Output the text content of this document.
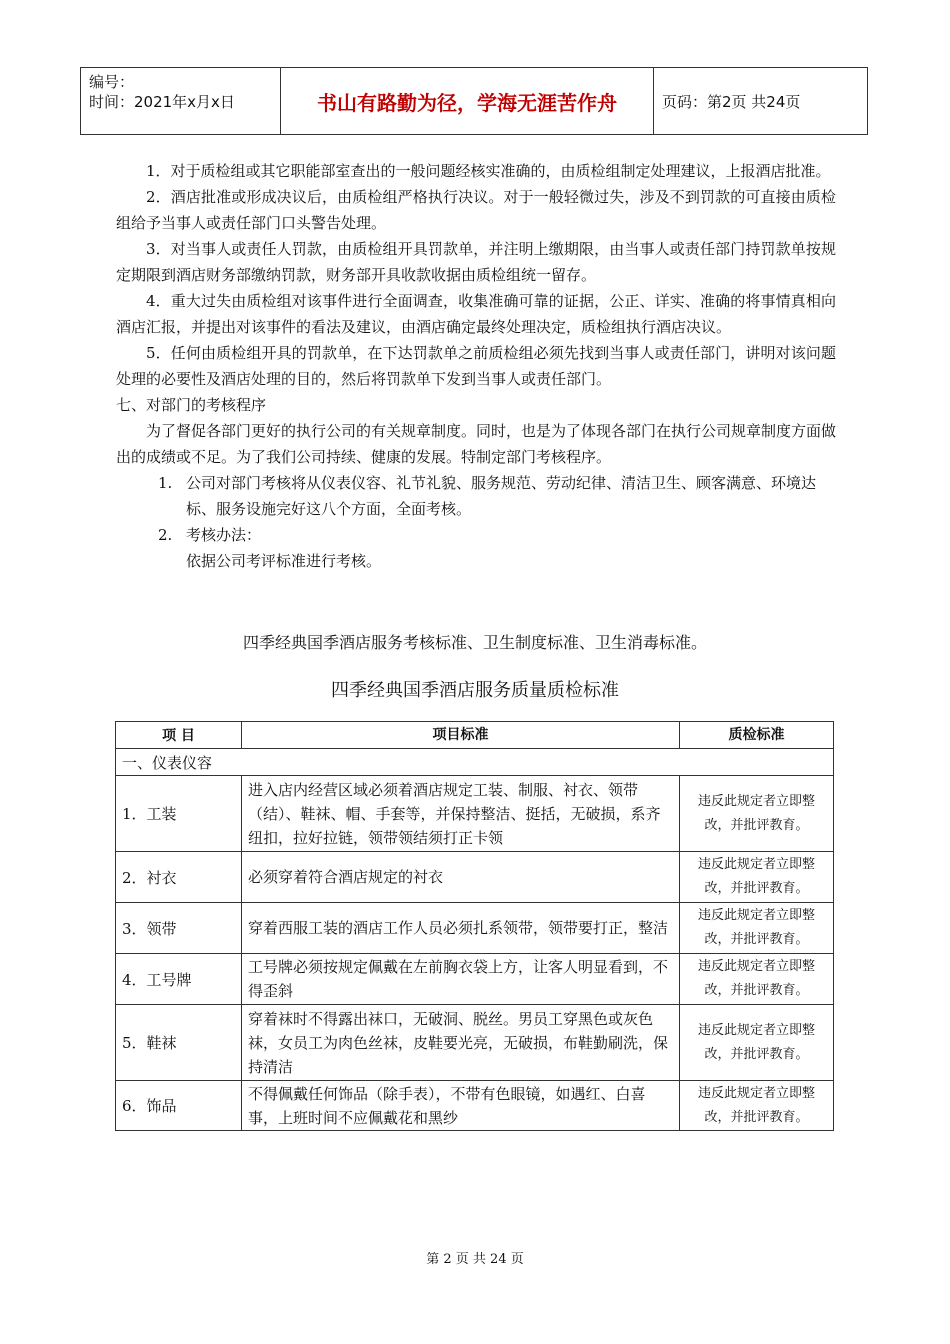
编号：
时间：2021年x月x日	书山有路勤为径，学海无涯苦作舟	页码：第2页 共24页

1．对于质检组或其它职能部室查出的一般问题经核实准确的，由质检组制定处理建议，上报酒店批准。

2．酒店批准或形成决议后，由质检组严格执行决议。对于一般轻微过失，涉及不到罚款的可直接由质检组给予当事人或责任部门口头警告处理。

3．对当事人或责任人罚款，由质检组开具罚款单，并注明上缴期限，由当事人或责任部门持罚款单按规定期限到酒店财务部缴纳罚款，财务部开具收款收据由质检组统一留存。

4．重大过失由质检组对该事件进行全面调查，收集准确可靠的证据，公正、详实、准确的将事情真相向酒店汇报，并提出对该事件的看法及建议，由酒店确定最终处理决定，质检组执行酒店决议。

5．任何由质检组开具的罚款单，在下达罚款单之前质检组必须先找到当事人或责任部门，讲明对该问题处理的必要性及酒店处理的目的，然后将罚款单下发到当事人或责任部门。

七、对部门的考核程序

为了督促各部门更好的执行公司的有关规章制度。同时，也是为了体现各部门在执行公司规章制度方面做出的成绩或不足。为了我们公司持续、健康的发展。特制定部门考核程序。

1. 公司对部门考核将从仪表仪容、礼节礼貌、服务规范、劳动纪律、清洁卫生、顾客满意、环境达标、服务设施完好这八个方面，全面考核。

2. 考核办法：

依据公司考评标准进行考核。

四季经典国季酒店服务考核标准、卫生制度标准、卫生消毒标准。
四季经典国季酒店服务质量质检标准
项 目	项目标准	质检标准
一、仪表仪容		
1．工装	进入店内经营区域必须着酒店规定工装、制服、衬衣、领带（结）、鞋袜、帽、手套等，并保持整洁、挺括，无破损，系齐纽扣，拉好拉链，领带领结须打正卡领	违反此规定者立即整改，并批评教育。
2．衬衣	必须穿着符合酒店规定的衬衣	违反此规定者立即整改，并批评教育。
3．领带	穿着西服工装的酒店工作人员必须扎系领带，领带要打正，整洁	违反此规定者立即整改，并批评教育。
4．工号牌	工号牌必须按规定佩戴在左前胸衣袋上方，让客人明显看到，不得歪斜	违反此规定者立即整改，并批评教育。
5．鞋袜	穿着袜时不得露出袜口，无破洞、脱丝。男员工穿黑色或灰色袜，女员工为肉色丝袜，皮鞋要光亮，无破损，布鞋勤刷洗，保持清洁	违反此规定者立即整改，并批评教育。
6．饰品	不得佩戴任何饰品（除手表），不带有色眼镜，如遇红、白喜事，上班时间不应佩戴花和黑纱	违反此规定者立即整改，并批评教育。
第 2 页 共 24 页
